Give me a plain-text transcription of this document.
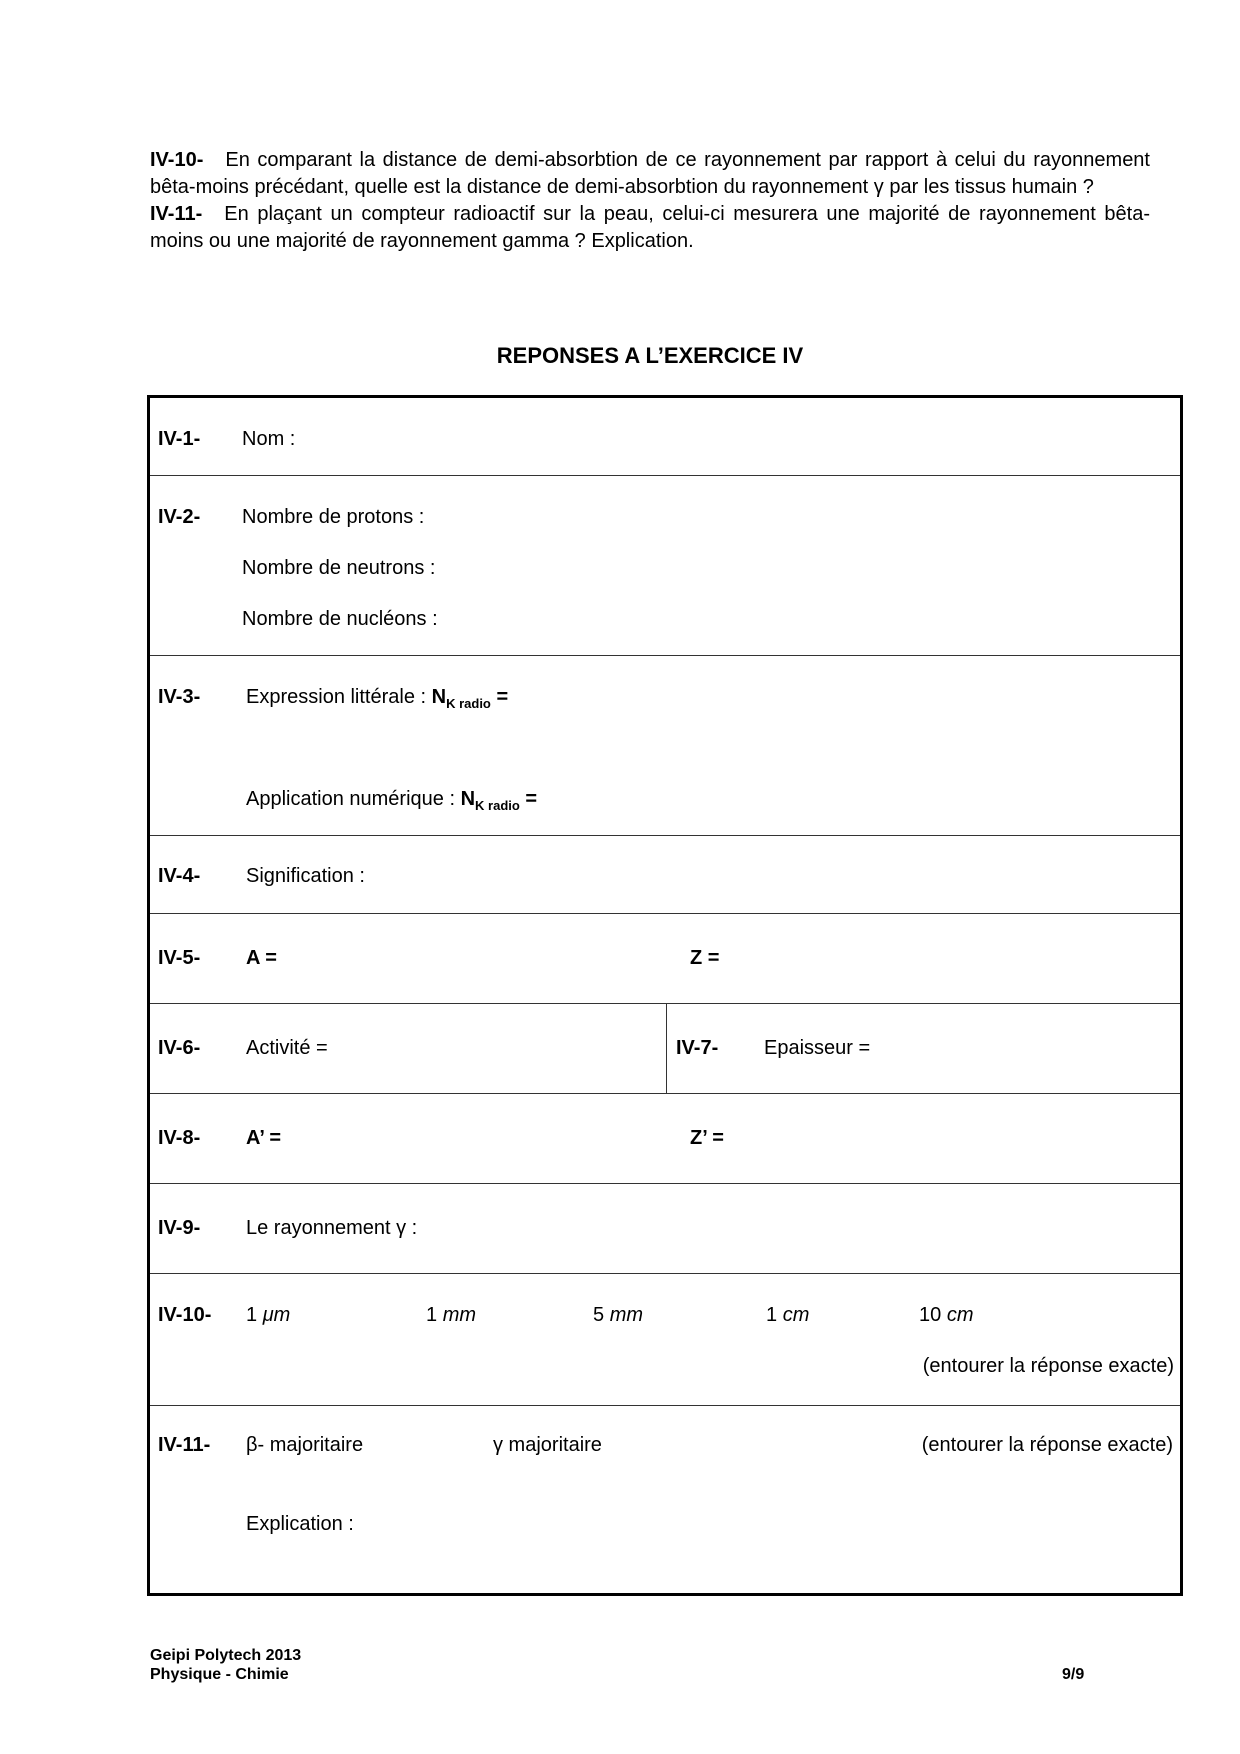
IV-10- En comparant la distance de demi-absorbtion de ce rayonnement par rapport à celui du rayonnement bêta-moins précédant, quelle est la distance de demi-absorbtion du rayonnement γ par les tissus humain ?

IV-11- En plaçant un compteur radioactif sur la peau, celui-ci mesurera une majorité de rayonnement bêta-moins ou une majorité de rayonnement gamma ? Explication.

REPONSES A L’EXERCICE IV
IV-1- Nom :
IV-2- Nombre de protons :
Nombre de neutrons :
Nombre de nucléons :
IV-3- Expression littérale : $N_{K radio}$ =
Application numérique : $N_{K radio}$ =
IV-4- Signification :
IV-5- A =	Z =
IV-6- Activité =	IV-7- Epaisseur =
IV-8- A’ =	Z’ =
IV-9- Le rayonnement γ :
IV-10- 1 μm	1 mm	5 mm	1 cm	10 cm
(entourer la réponse exacte)
IV-11- β- majoritaire	γ majoritaire	(entourer la réponse exacte)
Explication :
Geipi Polytech 2013
Physique - Chimie	9/9
